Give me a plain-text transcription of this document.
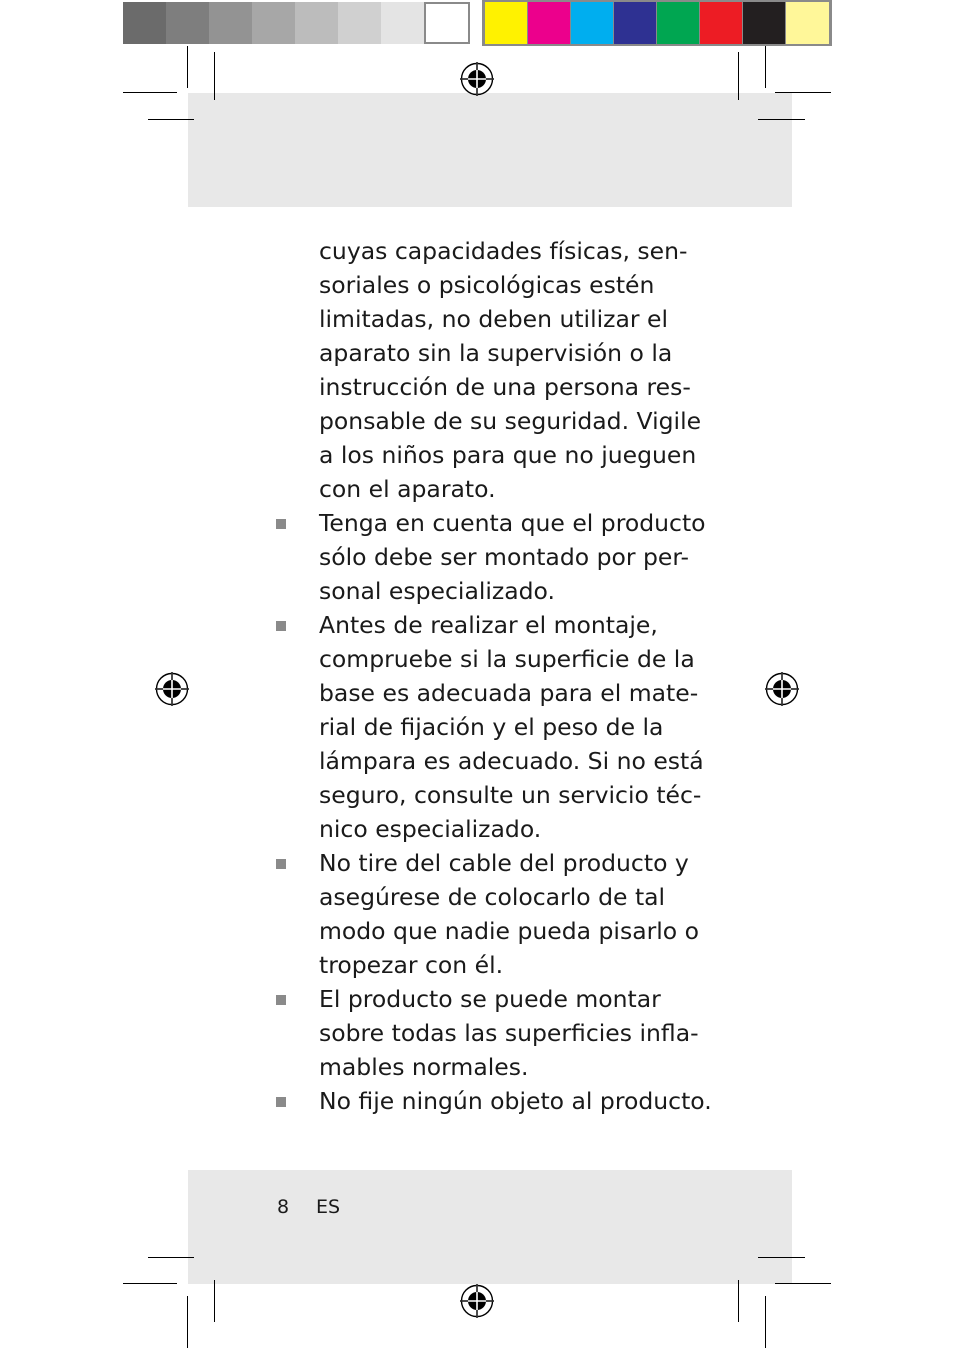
cuyas capacidades físicas, sen-
soriales o psicológicas estén
limitadas, no deben utilizar el
aparato sin la supervisión o la
instrucción de una persona res-
ponsable de su seguridad. Vigile
a los niños para que no jueguen
con el aparato.
Tenga en cuenta que el producto
sólo debe ser montado por per-
sonal especializado.
Antes de realizar el montaje,
compruebe si la superficie de la
base es adecuada para el mate-
rial de fijación y el peso de la
lámpara es adecuado. Si no está
seguro, consulte un servicio téc-
nico especializado.
No tire del cable del producto y
asegúrese de colocarlo de tal
modo que nadie pueda pisarlo o
tropezar con él.
El producto se puede montar
sobre todas las superficies infla-
mables normales.
No fije ningún objeto al producto.
8 ES
